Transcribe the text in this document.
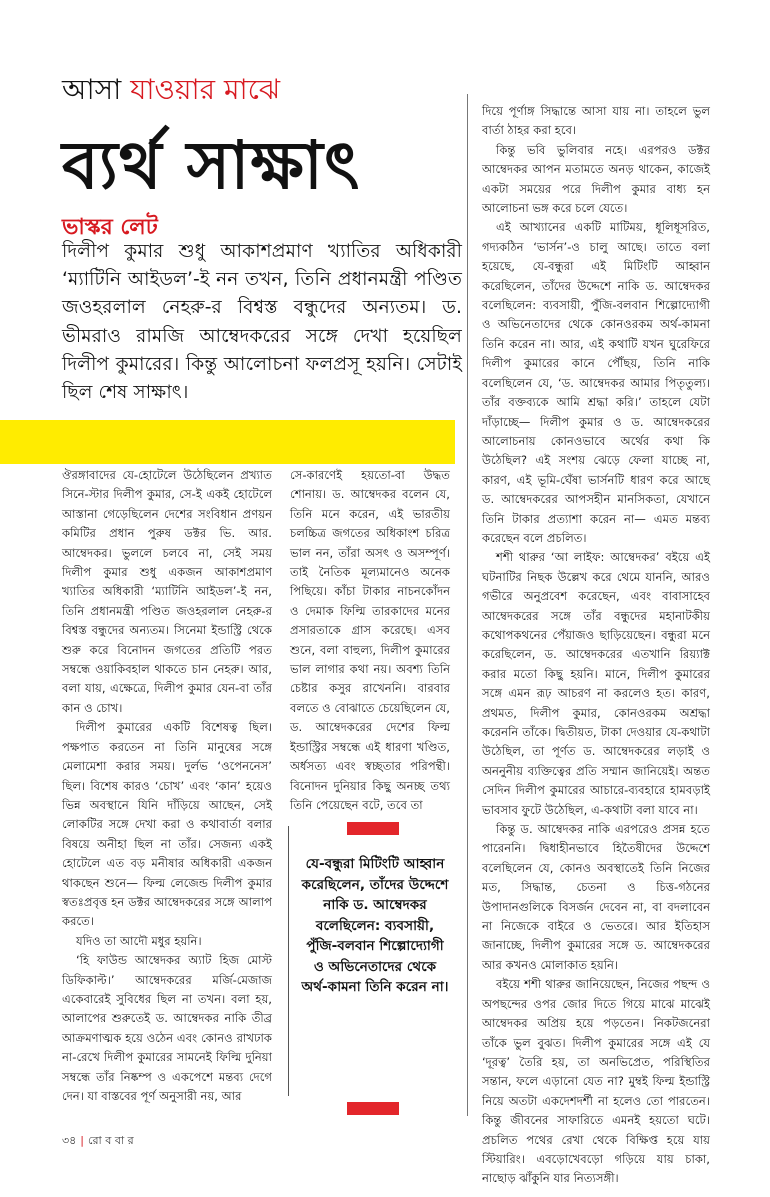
আসা যাওয়ার মাঝে
ব্যর্থ সাক্ষাৎ
ভাস্কর লেট
দিলীপ কুমার শুধু আকাশপ্রমাণ খ্যাতির অধিকারী ‘ম্যাটিনি আইডল’-ই নন তখন, তিনি প্রধানমন্ত্রী পণ্ডিত জওহরলাল নেহরু-র বিশ্বস্ত বন্ধুদের অন্যতম। ড. ভীমরাও রামজি আম্বেদকরের সঙ্গে দেখা হয়েছিল দিলীপ কুমারের। কিন্তু আলোচনা ফলপ্রসূ হয়নি। সেটাই ছিল শেষ সাক্ষাৎ।

ঔরঙ্গাবাদের যে-হোটেলে উঠেছিলেন প্রখ্যাত সিনে-স্টার দিলীপ কুমার, সে-ই একই হোটেলে আস্তানা গেড়েছিলেন দেশের সংবিধান প্রণয়ন কমিটির প্রধান পুরুষ ডক্টর ভি. আর. আম্বেদকর। ভুললে চলবে না, সেই সময় দিলীপ কুমার শুধু একজন আকাশপ্রমাণ খ্যাতির অধিকারী ‘ম্যাটিনি আইডল’-ই নন, তিনি প্রধানমন্ত্রী পণ্ডিত জওহরলাল নেহরু-র বিশ্বস্ত বন্ধুদের অন্যতম। সিনেমা ইন্ডাস্ট্রি থেকে শুরু করে বিনোদন জগতের প্রতিটি পরত সম্বন্ধে ওয়াকিবহাল থাকতে চান নেহরু। আর, বলা যায়, এক্ষেত্রে, দিলীপ কুমার যেন-বা তাঁর কান ও চোখ।

দিলীপ কুমারের একটি বিশেষত্ব ছিল। পক্ষপাত করতেন না তিনি মানুষের সঙ্গে মেলামেশা করার সময়। দুর্লভ ‘ওপেননেস’ ছিল। বিশেষ কারও ‘চোখ’ এবং ‘কান’ হয়েও ভিন্ন অবস্থানে যিনি দাঁড়িয়ে আছেন, সেই লোকটির সঙ্গে দেখা করা ও কথাবার্তা বলার বিষয়ে অনীহা ছিল না তাঁর। সেজন্য একই হোটেলে এত বড় মনীষার অধিকারী একজন থাকছেন শুনে— ফিল্ম লেজেন্ড দিলীপ কুমার স্বতঃপ্রবৃত্ত হন ডক্টর আম্বেদকরের সঙ্গে আলাপ করতে।

যদিও তা আদৌ মধুর হয়নি।

‘হি ফাউন্ড আম্বেদকর অ্যাট হিজ মোস্ট ডিফিকাল্ট।’ আম্বেদকরের মর্জি-মেজাজ একেবারেই সুবিধের ছিল না তখন। বলা হয়, আলাপের শুরুতেই ড. আম্বেদকর নাকি তীব্র আক্রমণাত্মক হয়ে ওঠেন এবং কোনও রাখঢাক না-রেখে দিলীপ কুমারের সামনেই ফিল্মি দুনিয়া সম্বন্ধে তাঁর নিষ্কম্প ও একপেশে মন্তব্য দেগে দেন। যা বাস্তবের পূর্ণ অনুসারী নয়, আর

সে-কারণেই হয়তো-বা উদ্ধত শোনায়। ড. আম্বেদকর বলেন যে, তিনি মনে করেন, এই ভারতীয় চলচ্চিত্র জগতের অধিকাংশ চরিত্র ভাল নন, তাঁরা অসৎ ও অসম্পূর্ণ। তাই নৈতিক মূল্যমানেও অনেক পিছিয়ে। কাঁচা টাকার নাচনকোঁদন ও দেমাক ফিল্মি তারকাদের মনের প্রসারতাকে গ্রাস করেছে। এসব শুনে, বলা বাহুল্য, দিলীপ কুমারের ভাল লাগার কথা নয়। অবশ্য তিনি চেষ্টার কসুর রাখেননি। বারবার বলতে ও বোঝাতে চেয়েছিলেন যে, ড. আম্বেদকরের দেশের ফিল্ম ইন্ডাস্ট্রির সম্বন্ধে এই ধারণা খণ্ডিত, অর্ধসত্য এবং স্বচ্ছতার পরিপন্থী। বিনোদন দুনিয়ার কিছু অনচ্ছ তথ্য তিনি পেয়েছেন বটে, তবে তা

যে-বন্ধুরা মিটিংটি আহ্বান করেছিলেন, তাঁদের উদ্দেশে নাকি ড. আম্বেদকর বলেছিলেন: ব্যবসায়ী, পুঁজি-বলবান শিল্পোদ্যোগী ও অভিনেতাদের থেকে অর্থ-কামনা তিনি করেন না।

দিয়ে পূর্ণাঙ্গ সিদ্ধান্তে আসা যায় না। তাহলে ভুল বার্তা ঠাহর করা হবে।

কিন্তু ভবি ভুলিবার নহে। এরপরও ডক্টর আম্বেদকর আপন মতামতে অনড় থাকেন, কাজেই একটা সময়ের পরে দিলীপ কুমার বাধ্য হন আলোচনা ভঙ্গ করে চলে যেতে।

এই আখ্যানের একটি মাটিময়, ধূলিধূসরিত, গদ্যকঠিন ‘ভার্সন’-ও চালু আছে। তাতে বলা হয়েছে, যে-বন্ধুরা এই মিটিংটি আহ্বান করেছিলেন, তাঁদের উদ্দেশে নাকি ড. আম্বেদকর বলেছিলেন: ব্যবসায়ী, পুঁজি-বলবান শিল্পোদ্যোগী ও অভিনেতাদের থেকে কোনওরকম অর্থ-কামনা তিনি করেন না। আর, এই কথাটি যখন ঘুরেফিরে দিলীপ কুমারের কানে পৌঁছয়, তিনি নাকি বলেছিলেন যে, ‘ড. আম্বেদকর আমার পিতৃতুল্য। তাঁর বক্তব্যকে আমি শ্রদ্ধা করি।’ তাহলে যেটা দাঁড়াচ্ছে— দিলীপ কুমার ও ড. আম্বেদকরের আলোচনায় কোনওভাবে অর্থের কথা কি উঠেছিল? এই সংশয় ঝেড়ে ফেলা যাচ্ছে না, কারণ, এই ভূমি-ঘেঁষা ভার্সনটি ধারণ করে আছে ড. আম্বেদকরের আপসহীন মানসিকতা, যেখানে তিনি টাকার প্রত্যাশা করেন না— এমত মন্তব্য করেছেন বলে প্রচলিত।

শশী থারুর ‘আ লাইফ: আম্বেদকর’ বইয়ে এই ঘটনাটির নিছক উল্লেখ করে থেমে যাননি, আরও গভীরে অনুপ্রবেশ করেছেন, এবং বাবাসাহেব আম্বেদকরের সঙ্গে তাঁর বন্ধুদের মহানাটকীয় কথোপকথনের পেঁয়াজও ছাড়িয়েছেন। বন্ধুরা মনে করেছিলেন, ড. আম্বেদকরের এতখানি রিয়্যাক্ট করার মতো কিছু হয়নি। মানে, দিলীপ কুমারের সঙ্গে এমন রূঢ় আচরণ না করলেও হত। কারণ, প্রথমত, দিলীপ কুমার, কোনওরকম অশ্রদ্ধা করেননি তাঁকে। দ্বিতীয়ত, টাকা দেওয়ার যে-কথাটা উঠেছিল, তা পূর্ণত ড. আম্বেদকরের লড়াই ও অননুনীয় ব্যক্তিত্বের প্রতি সম্মান জানিয়েই। অন্তত সেদিন দিলীপ কুমারের আচারে-ব্যবহারে হামবড়াই ভাবসাব ফুটে উঠেছিল, এ-কথাটা বলা যাবে না।

কিন্তু ড. আম্বেদকর নাকি এরপরেও প্রসন্ন হতে পারেননি। দ্বিধাহীনভাবে হিতৈষীদের উদ্দেশে বলেছিলেন যে, কোনও অবস্থাতেই তিনি নিজের মত, সিদ্ধান্ত, চেতনা ও চিত্ত-গঠনের উপাদানগুলিকে বিসর্জন দেবেন না, বা বদলাবেন না নিজেকে বাইরে ও ভেতরে। আর ইতিহাস জানাচ্ছে, দিলীপ কুমারের সঙ্গে ড. আম্বেদকরের আর কখনও মোলাকাত হয়নি।

বইয়ে শশী থারুর জানিয়েছেন, নিজের পছন্দ ও অপছন্দের ওপর জোর দিতে গিয়ে মাঝে মাঝেই আম্বেদকর অপ্রিয় হয়ে পড়তেন। নিকটজনেরা তাঁকে ভুল বুঝত। দিলীপ কুমারের সঙ্গে এই যে ‘দূরত্ব’ তৈরি হয়, তা অনভিপ্রেত, পরিস্থিতির সন্তান, ফলে এড়ানো যেত না? মুম্বই ফিল্ম ইন্ডাস্ট্রি নিয়ে অতটা একদেশদর্শী না হলেও তো পারতেন। কিন্তু জীবনের সাফারিতে এমনই হয়তো ঘটে। প্রচলিত পথের রেখা থেকে বিক্ষিপ্ত হয়ে যায় স্টিয়ারিং। এবড়োখেবড়ো গড়িয়ে যায় চাকা, নাছোড় ঝাঁকুনি যার নিত্যসঙ্গী।

৩৪ | রো ব বা র
